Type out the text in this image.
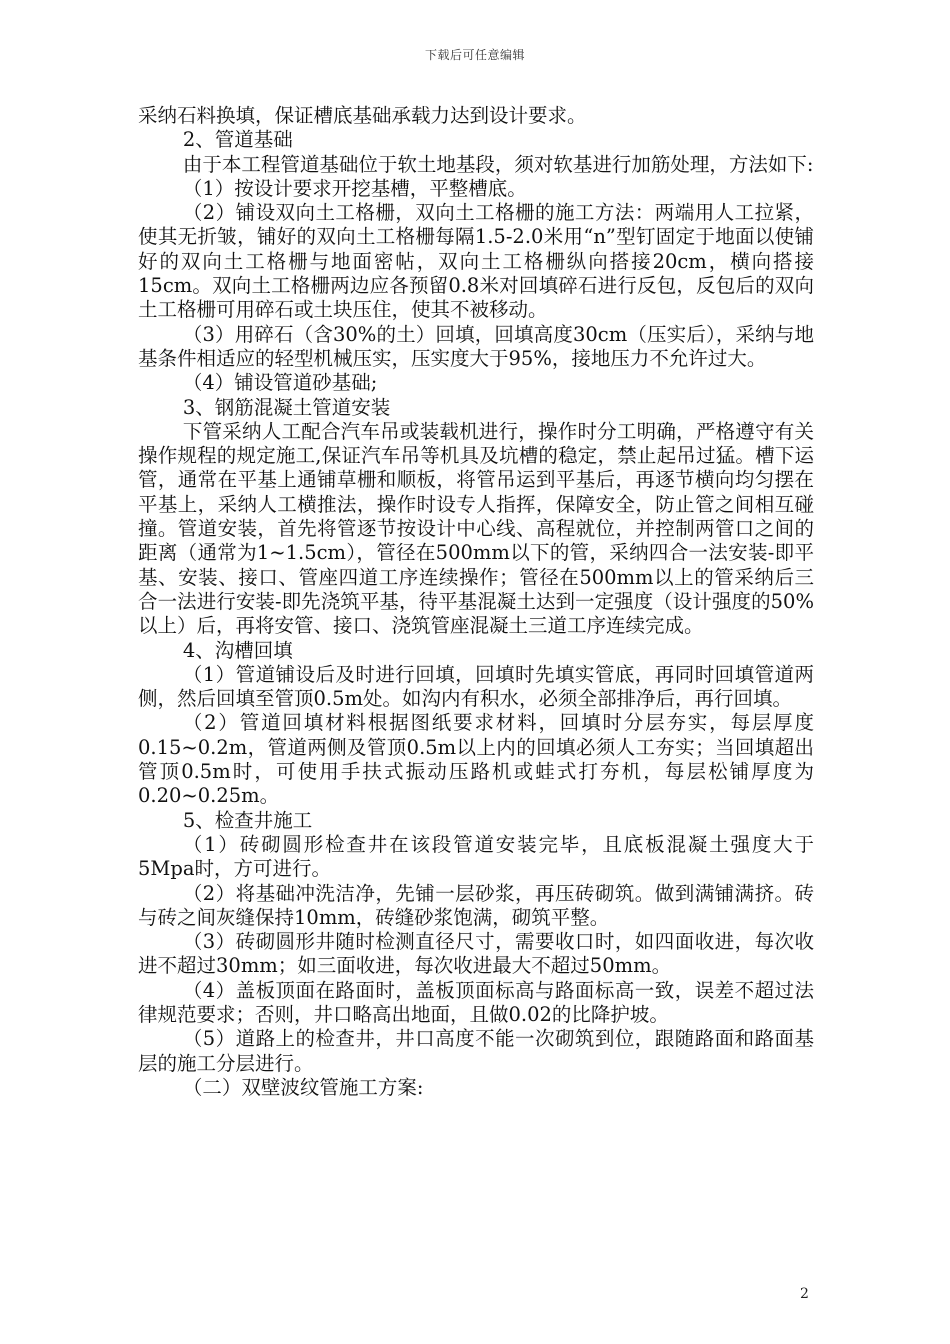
下载后可任意编辑

采纳石料换填，保证槽底基础承载力达到设计要求。

2、管道基础

由于本工程管道基础位于软土地基段，须对软基进行加筋处理，方法如下:

（1）按设计要求开挖基槽，平整槽底。

（2）铺设双向土工格栅，双向土工格栅的施工方法：两端用人工拉紧，使其无折皱，铺好的双向土工格栅每隔1.5-2.0米用“n”型钉固定于地面以使铺好的双向土工格栅与地面密帖，双向土工格栅纵向搭接20cm，横向搭接15cm。双向土工格栅两边应各预留0.8米对回填碎石进行反包，反包后的双向土工格栅可用碎石或土块压住，使其不被移动。

（3）用碎石（含30%的土）回填，回填高度30cm（压实后），采纳与地基条件相适应的轻型机械压实，压实度大于95%，接地压力不允许过大。

（4）铺设管道砂基础;

3、钢筋混凝土管道安装

下管采纳人工配合汽车吊或装载机进行，操作时分工明确，严格遵守有关操作规程的规定施工,保证汽车吊等机具及坑槽的稳定，禁止起吊过猛。槽下运管，通常在平基上通铺草栅和顺板，将管吊运到平基后，再逐节横向均匀摆在平基上，采纳人工横推法，操作时设专人指挥，保障安全，防止管之间相互碰撞。管道安装，首先将管逐节按设计中心线、高程就位，并控制两管口之间的距离（通常为1~1.5cm），管径在500mm以下的管，采纳四合一法安装-即平基、安装、接口、管座四道工序连续操作；管径在500mm以上的管采纳后三合一法进行安装-即先浇筑平基，待平基混凝土达到一定强度（设计强度的50%以上）后，再将安管、接口、浇筑管座混凝土三道工序连续完成。

4、沟槽回填

（1）管道铺设后及时进行回填，回填时先填实管底，再同时回填管道两侧，然后回填至管顶0.5m处。如沟内有积水，必须全部排净后，再行回填。

（2）管道回填材料根据图纸要求材料，回填时分层夯实，每层厚度0.15~0.2m，管道两侧及管顶0.5m以上内的回填必须人工夯实；当回填超出管顶0.5m时，可使用手扶式振动压路机或蛙式打夯机，每层松铺厚度为0.20~0.25m。

5、检查井施工

（1）砖砌圆形检查井在该段管道安装完毕，且底板混凝土强度大于5Mpa时，方可进行。

（2）将基础冲洗洁净，先铺一层砂浆，再压砖砌筑。做到满铺满挤。砖与砖之间灰缝保持10mm，砖缝砂浆饱满，砌筑平整。

（3）砖砌圆形井随时检测直径尺寸，需要收口时，如四面收进，每次收进不超过30mm；如三面收进，每次收进最大不超过50mm。

（4）盖板顶面在路面时，盖板顶面标高与路面标高一致，误差不超过法律规范要求；否则，井口略高出地面，且做0.02的比降护坡。

（5）道路上的检查井，井口高度不能一次砌筑到位，跟随路面和路面基层的施工分层进行。

（二）双壁波纹管施工方案:

2
